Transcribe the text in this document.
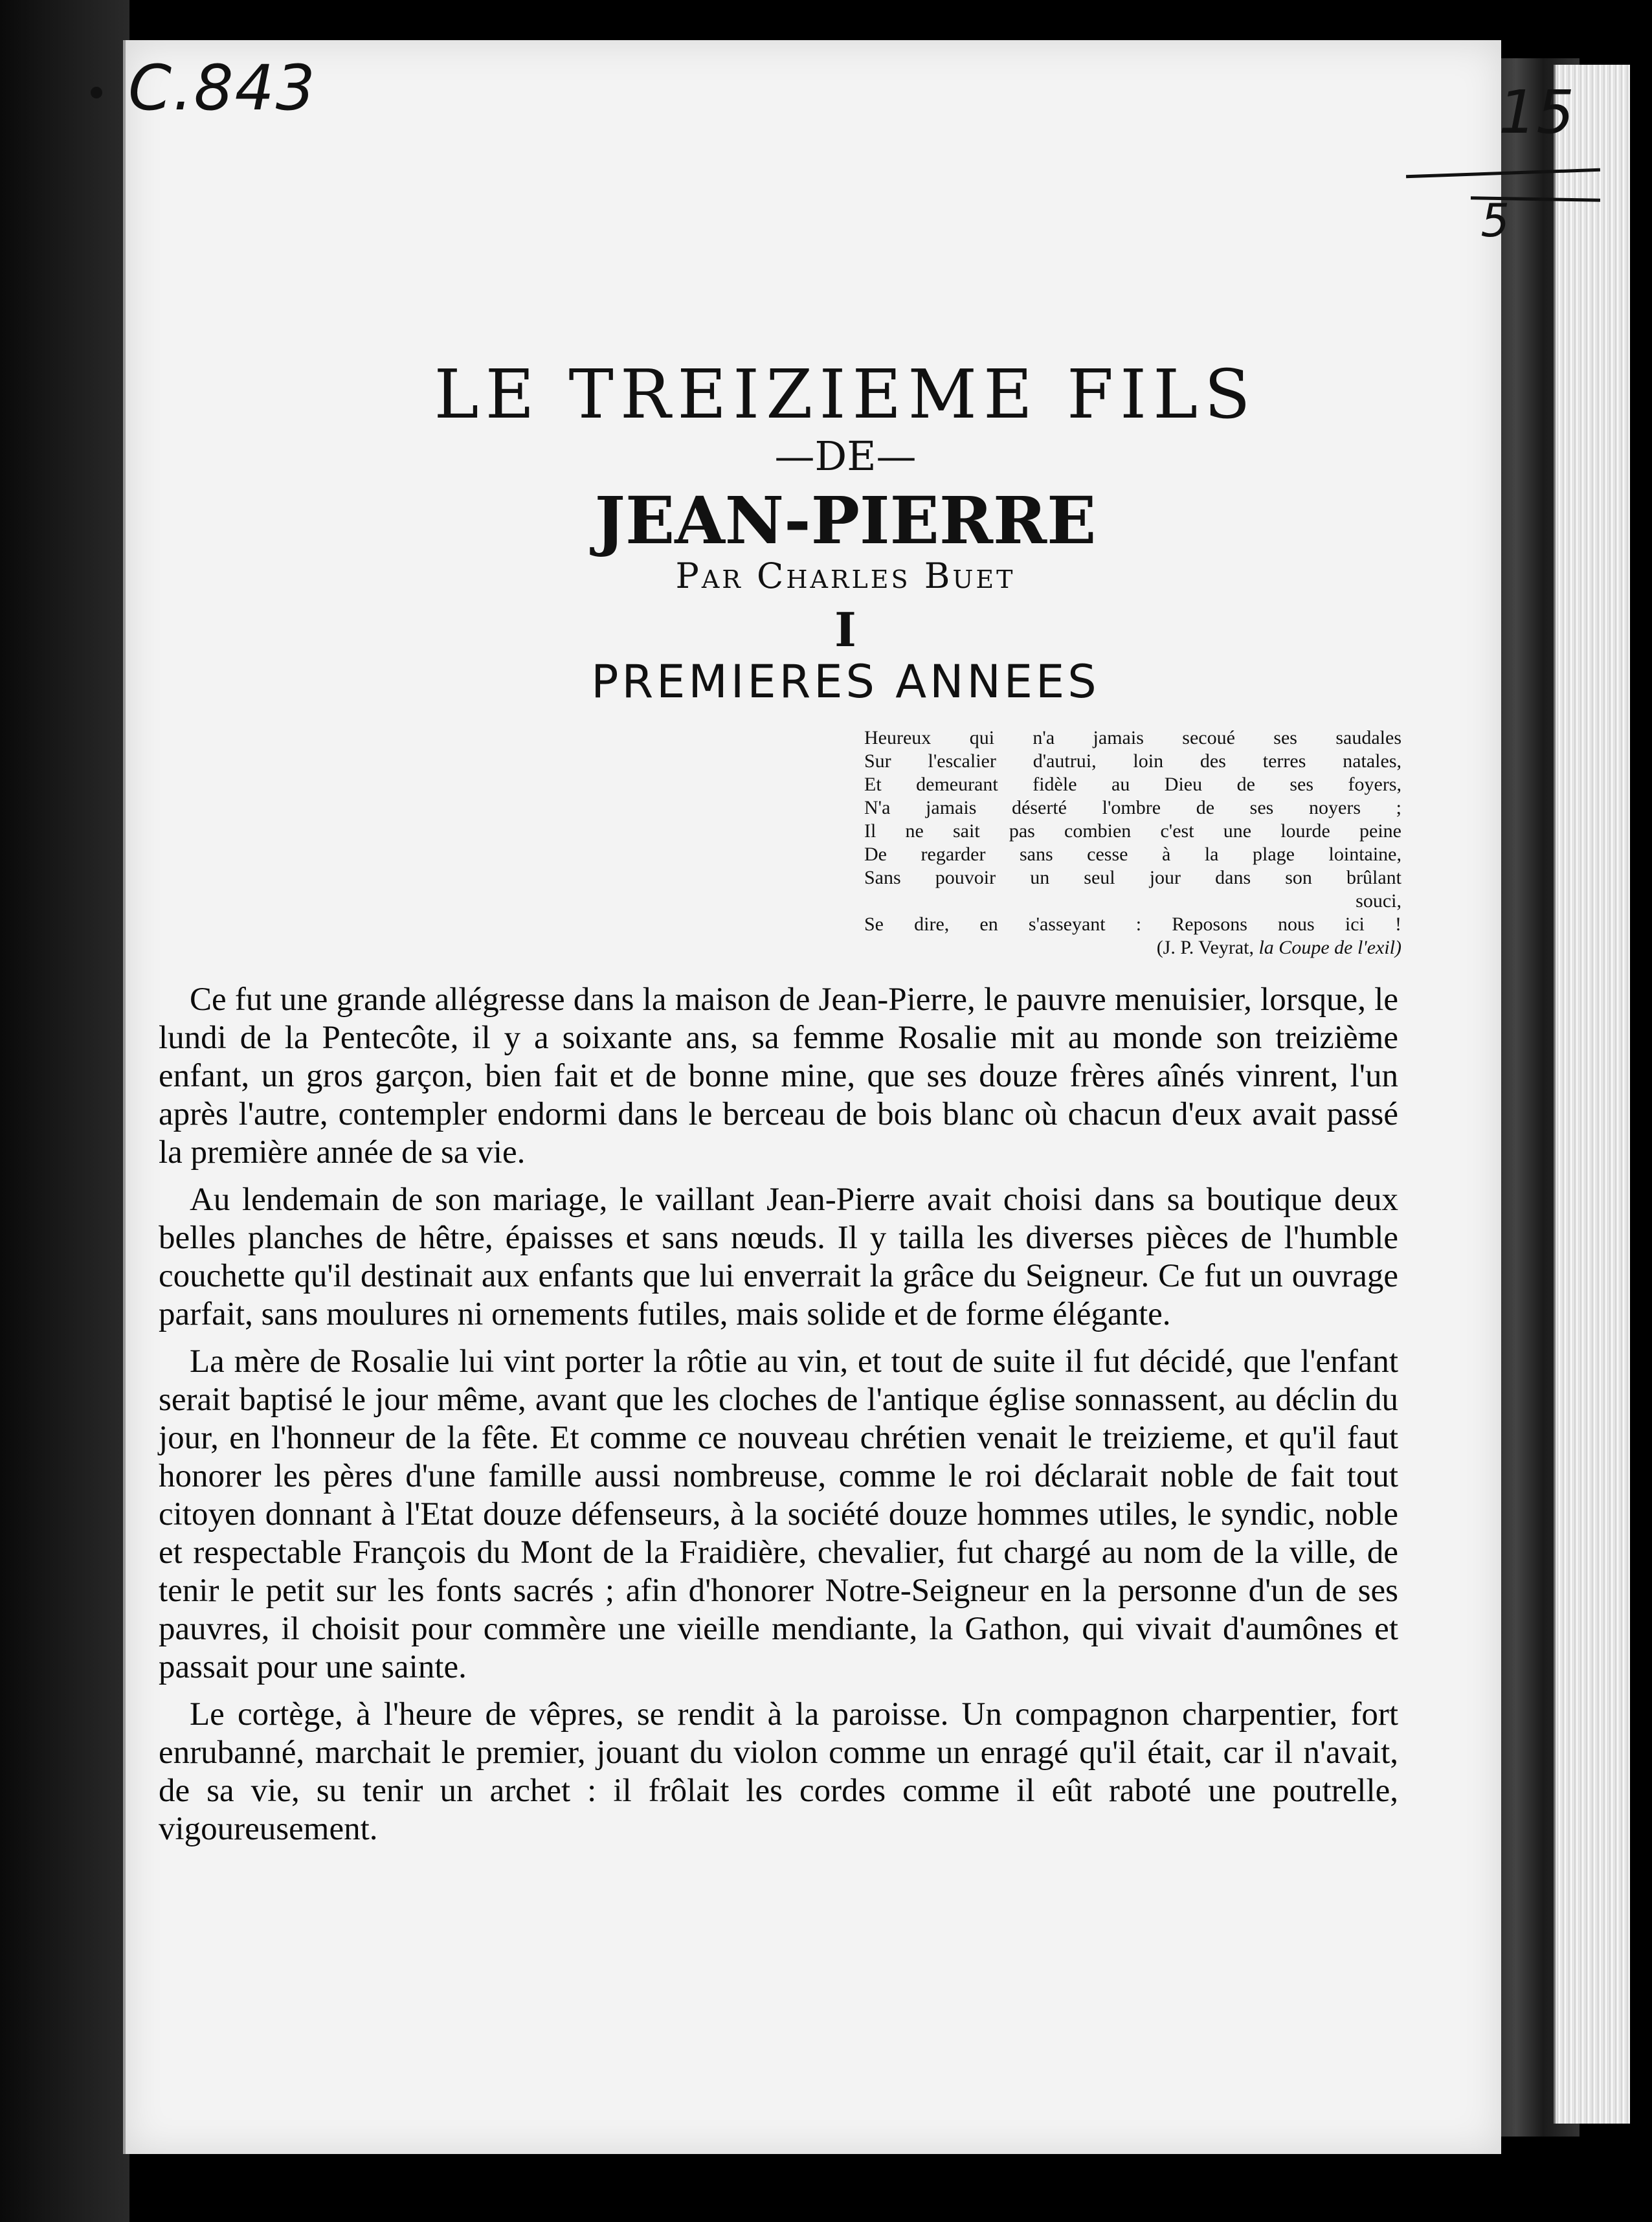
C.843	15
5
LE TREIZIEME FILS
—DE—
JEAN-PIERRE
Par Charles Buet
I
PREMIERES ANNEES
Heureux qui n'a jamais secoué ses saudales
Sur l'escalier d'autrui, loin des terres natales,
Et demeurant fidèle au Dieu de ses foyers,
N'a jamais déserté l'ombre de ses noyers ;
Il ne sait pas combien c'est une lourde peine
De regarder sans cesse à la plage lointaine,
Sans pouvoir un seul jour dans son brûlant
souci,
Se dire, en s'asseyant : Reposons nous ici !
(J. P. Veyrat, la Coupe de l'exil)

Ce fut une grande allégresse dans la maison de Jean-Pierre, le pauvre menuisier, lorsque, le lundi de la Pentecôte, il y a soixante ans, sa femme Rosalie mit au monde son treizième enfant, un gros garçon, bien fait et de bonne mine, que ses douze frères aînés vinrent, l'un après l'autre, contempler endormi dans le berceau de bois blanc où chacun d'eux avait passé la première année de sa vie.

Au lendemain de son mariage, le vaillant Jean-Pierre avait choisi dans sa boutique deux belles planches de hêtre, épaisses et sans nœuds. Il y tailla les diverses pièces de l'humble couchette qu'il destinait aux enfants que lui enverrait la grâce du Seigneur. Ce fut un ouvrage parfait, sans moulures ni ornements futiles, mais solide et de forme élégante.

La mère de Rosalie lui vint porter la rôtie au vin, et tout de suite il fut décidé, que l'enfant serait baptisé le jour même, avant que les cloches de l'antique église sonnassent, au déclin du jour, en l'honneur de la fête. Et comme ce nouveau chrétien venait le treizieme, et qu'il faut honorer les pères d'une famille aussi nombreuse, comme le roi déclarait noble de fait tout citoyen donnant à l'Etat douze défenseurs, à la société douze hommes utiles, le syndic, noble et respectable François du Mont de la Fraidière, chevalier, fut chargé au nom de la ville, de tenir le petit sur les fonts sacrés ; afin d'honorer Notre-Seigneur en la personne d'un de ses pauvres, il choisit pour commère une vieille mendiante, la Gathon, qui vivait d'aumônes et passait pour une sainte.

Le cortège, à l'heure de vêpres, se rendit à la paroisse. Un compagnon charpentier, fort enrubanné, marchait le premier, jouant du violon comme un enragé qu'il était, car il n'avait, de sa vie, su tenir un archet : il frôlait les cordes comme il eût raboté une poutrelle, vigoureusement.
